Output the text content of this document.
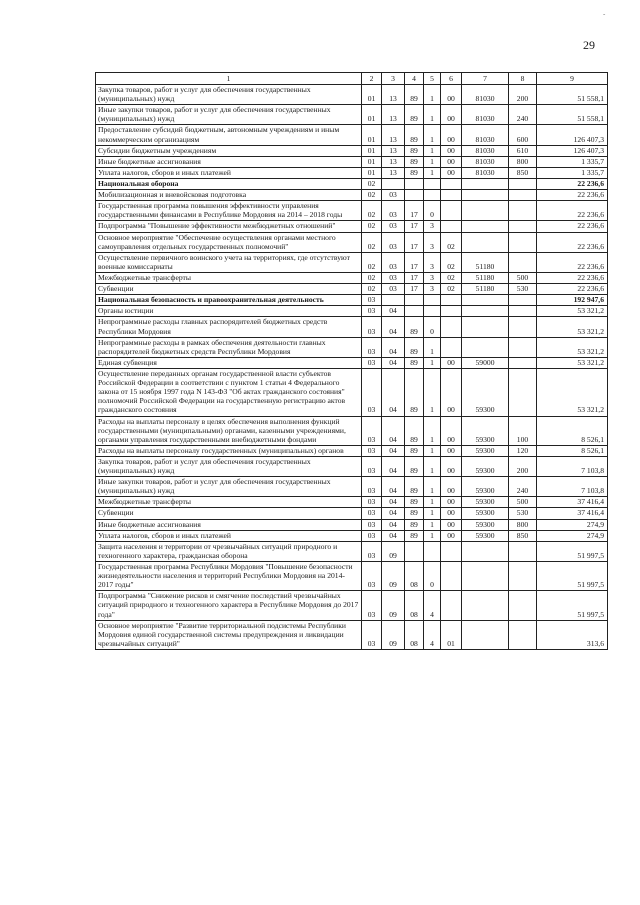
29
-
1	2	3	4	5	6	7	8	9
Закупка товаров, работ и услуг для обеспечения государственных (муниципальных) нужд	01	13	89	1	00	81030	200	51 558,1
Иные закупки товаров, работ и услуг для обеспечения государственных (муниципальных) нужд	01	13	89	1	00	81030	240	51 558,1
Предоставление субсидий бюджетным, автономным учреждениям и иным некоммерческим организациям	01	13	89	1	00	81030	600	126 407,3
Субсидии бюджетным учреждениям	01	13	89	1	00	81030	610	126 407,3
Иные бюджетные ассигнования	01	13	89	1	00	81030	800	1 335,7
Уплата налогов, сборов и иных платежей	01	13	89	1	00	81030	850	1 335,7
Национальная оборона	02							22 236,6
Мобилизационная и вневойсковая подготовка	02	03						22 236,6
Государственная программа повышения эффективности управления государственными финансами в Республике Мордовия на 2014 – 2018 годы	02	03	17	0				22 236,6
Подпрограмма "Повышение эффективности межбюджетных отношений"	02	03	17	3				22 236,6
Основное мероприятие "Обеспечение осуществления органами местного самоуправления отдельных государственных полномочий"	02	03	17	3	02			22 236,6
Осуществление первичного воинского учета на территориях, где отсутствуют военные комиссариаты	02	03	17	3	02	51180		22 236,6
Межбюджетные трансферты	02	03	17	3	02	51180	500	22 236,6
Субвенции	02	03	17	3	02	51180	530	22 236,6
Национальная безопасность и правоохранительная деятельность	03							192 947,6
Органы юстиции	03	04						53 321,2
Непрограммные расходы главных распорядителей бюджетных средств Республики Мордовия	03	04	89	0				53 321,2
Непрограммные расходы в рамках обеспечения деятельности главных распорядителей бюджетных средств Республики Мордовия	03	04	89	1				53 321,2
Единая субвенция	03	04	89	1	00	59000		53 321,2
Осуществление переданных органам государственной власти субъектов Российской Федерации в соответствии с пунктом 1 статьи 4 Федерального закона от 15 ноября 1997 года N 143-ФЗ "Об актах гражданского состояния" полномочий Российской Федерации на государственную регистрацию актов гражданского состояния	03	04	89	1	00	59300		53 321,2
Расходы на выплаты персоналу в целях обеспечения выполнения функций государственными (муниципальными) органами, казенными учреждениями, органами управления государственными внебюджетными фондами	03	04	89	1	00	59300	100	8 526,1
Расходы на выплаты персоналу государственных (муниципальных) органов	03	04	89	1	00	59300	120	8 526,1
Закупка товаров, работ и услуг для обеспечения государственных (муниципальных) нужд	03	04	89	1	00	59300	200	7 103,8
Иные закупки товаров, работ и услуг для обеспечения государственных (муниципальных) нужд	03	04	89	1	00	59300	240	7 103,8
Межбюджетные трансферты	03	04	89	1	00	59300	500	37 416,4
Субвенции	03	04	89	1	00	59300	530	37 416,4
Иные бюджетные ассигнования	03	04	89	1	00	59300	800	274,9
Уплата налогов, сборов и иных платежей	03	04	89	1	00	59300	850	274,9
Защита населения и территории от чрезвычайных ситуаций природного и техногенного характера, гражданская оборона	03	09						51 997,5
Государственная программа Республики Мордовия "Повышение безопасности жизнедеятельности населения и территорий Республики Мордовия на 2014-2017 годы"	03	09	08	0				51 997,5
Подпрограмма "Снижение рисков и смягчение последствий чрезвычайных ситуаций природного и техногенного характера в Республике Мордовия до 2017 года"	03	09	08	4				51 997,5
Основное мероприятие "Развитие территориальной подсистемы Республики Мордовия единой государственной системы предупреждения и ликвидации чрезвычайных ситуаций"	03	09	08	4	01			313,6
